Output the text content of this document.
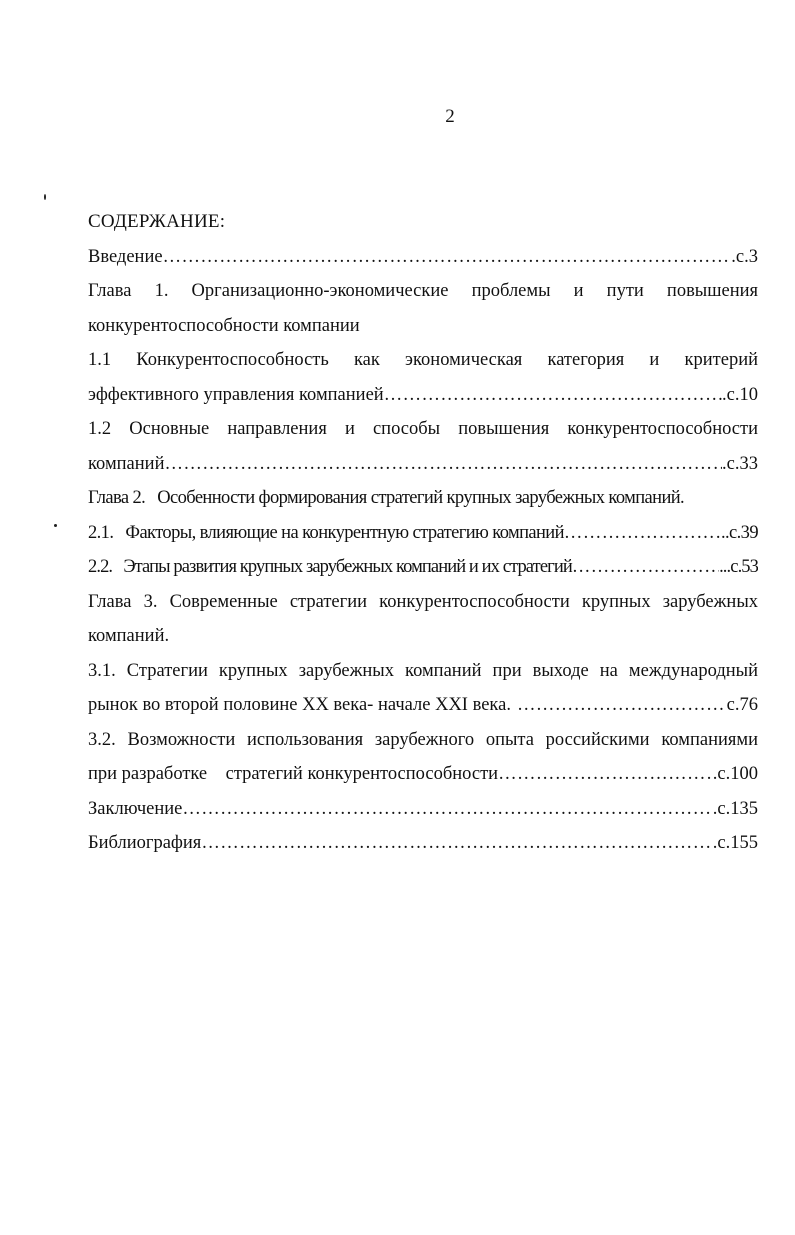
2
СОДЕРЖАНИЕ:
Введение ……………………………………………………………………………………………………………………………………………………	.с.3
Глава 1. Организационно-экономические проблемы и пути повышения
конкурентоспособности компании
1.1 Конкурентоспособность как экономическая категория и критерий
эффективного управления компанией ……………………………………………………………………………………………………………………………………………………	.с.10
1.2 Основные направления и способы повышения конкурентоспособности
компаний ……………………………………………………………………………………………………………………………………………………	.с.33
Глава 2.   Особенности формирования стратегий крупных зарубежных компаний.
2.1.   Факторы, влияющие на конкурентную стратегию компаний ……………………………………………………………………………………………………………………………………………………	..с.39
2.2.   Этапы развития крупных зарубежных компаний и их стратегий ……………………………………………………………………………………………………………………………………………………	...с.53
Глава 3. Современные стратегии конкурентоспособности крупных зарубежных
компаний.
3.1. Стратегии крупных зарубежных компаний при выходе на международный
рынок во второй половине XX века- начале XXI века. ……………………………………………………………………………………………………………………………………………………	с.76
3.2. Возможности использования зарубежного опыта российскими компаниями
при разработке    стратегий конкурентоспособности ……………………………………………………………………………………………………………………………………………………	.с.100
Заключение ……………………………………………………………………………………………………………………………………………………	.с.135
Библиография ……………………………………………………………………………………………………………………………………………………	.с.155
